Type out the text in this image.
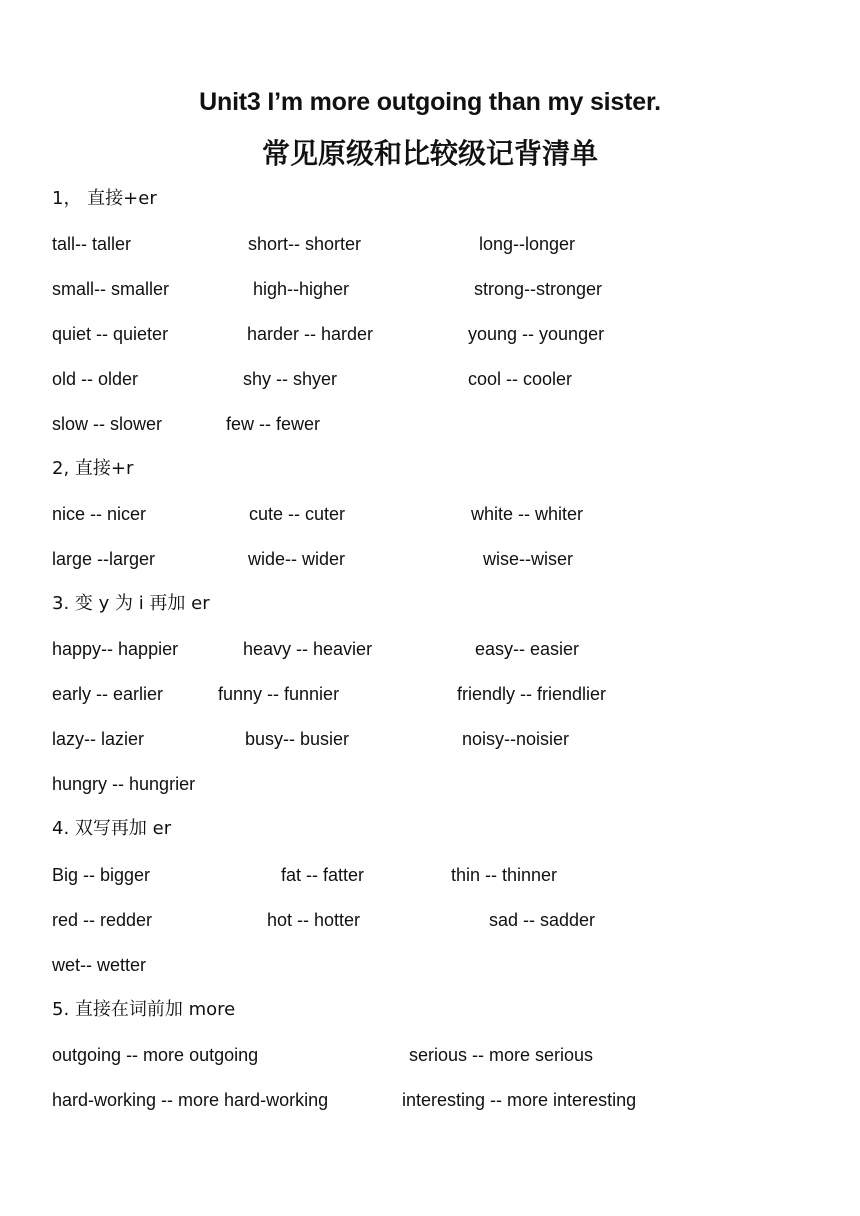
Unit3 I’m more outgoing than my sister.
常见原级和比较级记背清单
1， 直接+er
tall-- taller	short-- shorter	long--longer
small-- smaller	high--higher	strong--stronger
quiet -- quieter	harder -- harder	young -- younger
old -- older	shy -- shyer	cool -- cooler
slow -- slower	few -- fewer
2, 直接+r
nice -- nicer	cute -- cuter	white -- whiter
large --larger	wide-- wider	wise--wiser
3. 变 y 为 i 再加 er
happy-- happier	heavy -- heavier	easy-- easier
early -- earlier	funny -- funnier	friendly -- friendlier
lazy-- lazier	busy-- busier	noisy--noisier
hungry -- hungrier
4. 双写再加 er
Big -- bigger	fat -- fatter	thin -- thinner
red -- redder	hot -- hotter	sad -- sadder
wet-- wetter
5. 直接在词前加 more
outgoing -- more outgoing	serious -- more serious
hard-working -- more hard-working	interesting -- more interesting
